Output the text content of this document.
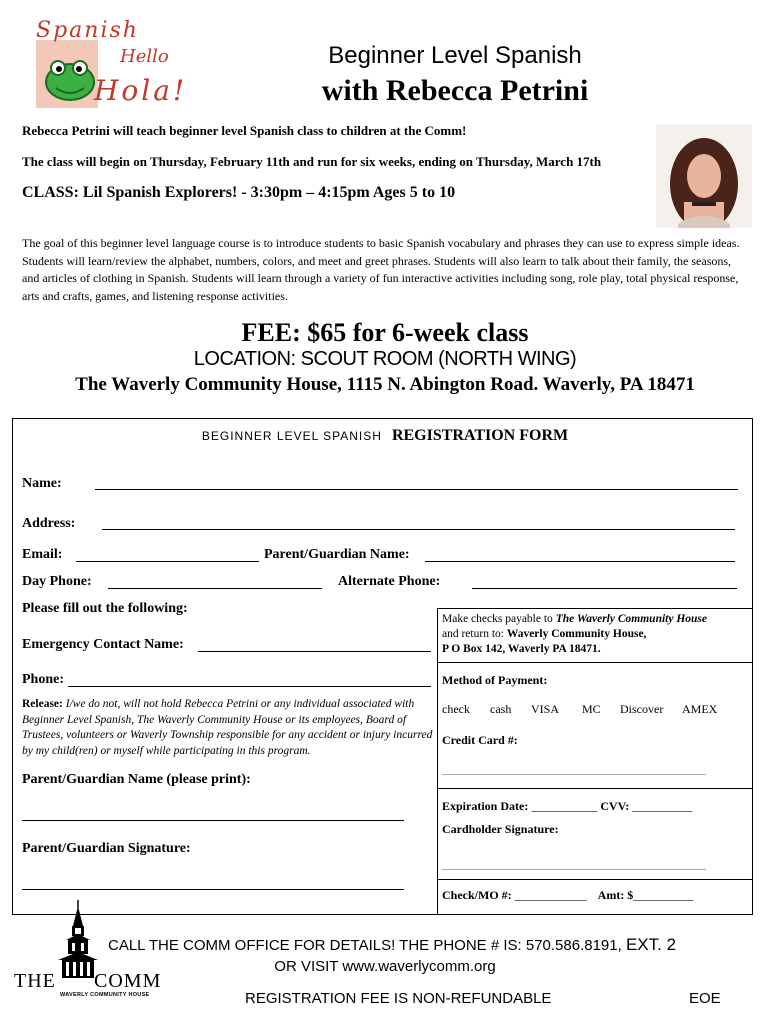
Spanish
Hello
Hola!
Beginner Level Spanish
with Rebecca Petrini
Rebecca Petrini will teach beginner level Spanish class to children at the Comm!
The class will begin on Thursday, February 11th and run for six weeks, ending on Thursday, March 17th
CLASS: Lil Spanish Explorers! - 3:30pm – 4:15pm Ages 5 to 10
The goal of this beginner level language course is to introduce students to basic Spanish vocabulary and phrases they can use to express simple ideas. Students will learn/review the alphabet, numbers, colors, and meet and greet phrases. Students will also learn to talk about their family, the seasons, and articles of clothing in Spanish. Students will learn through a variety of fun interactive activities including song, role play, total physical response, arts and crafts, games, and listening response activities.
FEE: $65 for 6-week class
LOCATION: SCOUT ROOM (NORTH WING)
The Waverly Community House, 1115 N. Abington Road. Waverly, PA 18471
BEGINNER LEVEL SPANISH REGISTRATION FORM
Name:
Address:
Email:	Parent/Guardian Name:
Day Phone:	Alternate Phone:
Please fill out the following:
Emergency Contact Name:
Phone:
Release: I/we do not, will not hold Rebecca Petrini or any individual associated with Beginner Level Spanish, The Waverly Community House or its employees, Board of Trustees, volunteers or Waverly Township responsible for any accident or injury incurred by my child(ren) or myself while participating in this program.
Parent/Guardian Name (please print):
Parent/Guardian Signature:
Make checks payable to The Waverly Community House
and return to: Waverly Community House,
P O Box 142, Waverly PA 18471.
Method of Payment:
check cash VISA MC Discover AMEX
Credit Card #:
Expiration Date: ___________ CVV: __________
Cardholder Signature:
Check/MO #: ____________ Amt: $__________
THE COMM
WAVERLY COMMUNITY HOUSE
CALL THE COMM OFFICE FOR DETAILS! THE PHONE # IS: 570.586.8191, EXT. 2
OR VISIT www.waverlycomm.org
REGISTRATION FEE IS NON-REFUNDABLE	EOE
